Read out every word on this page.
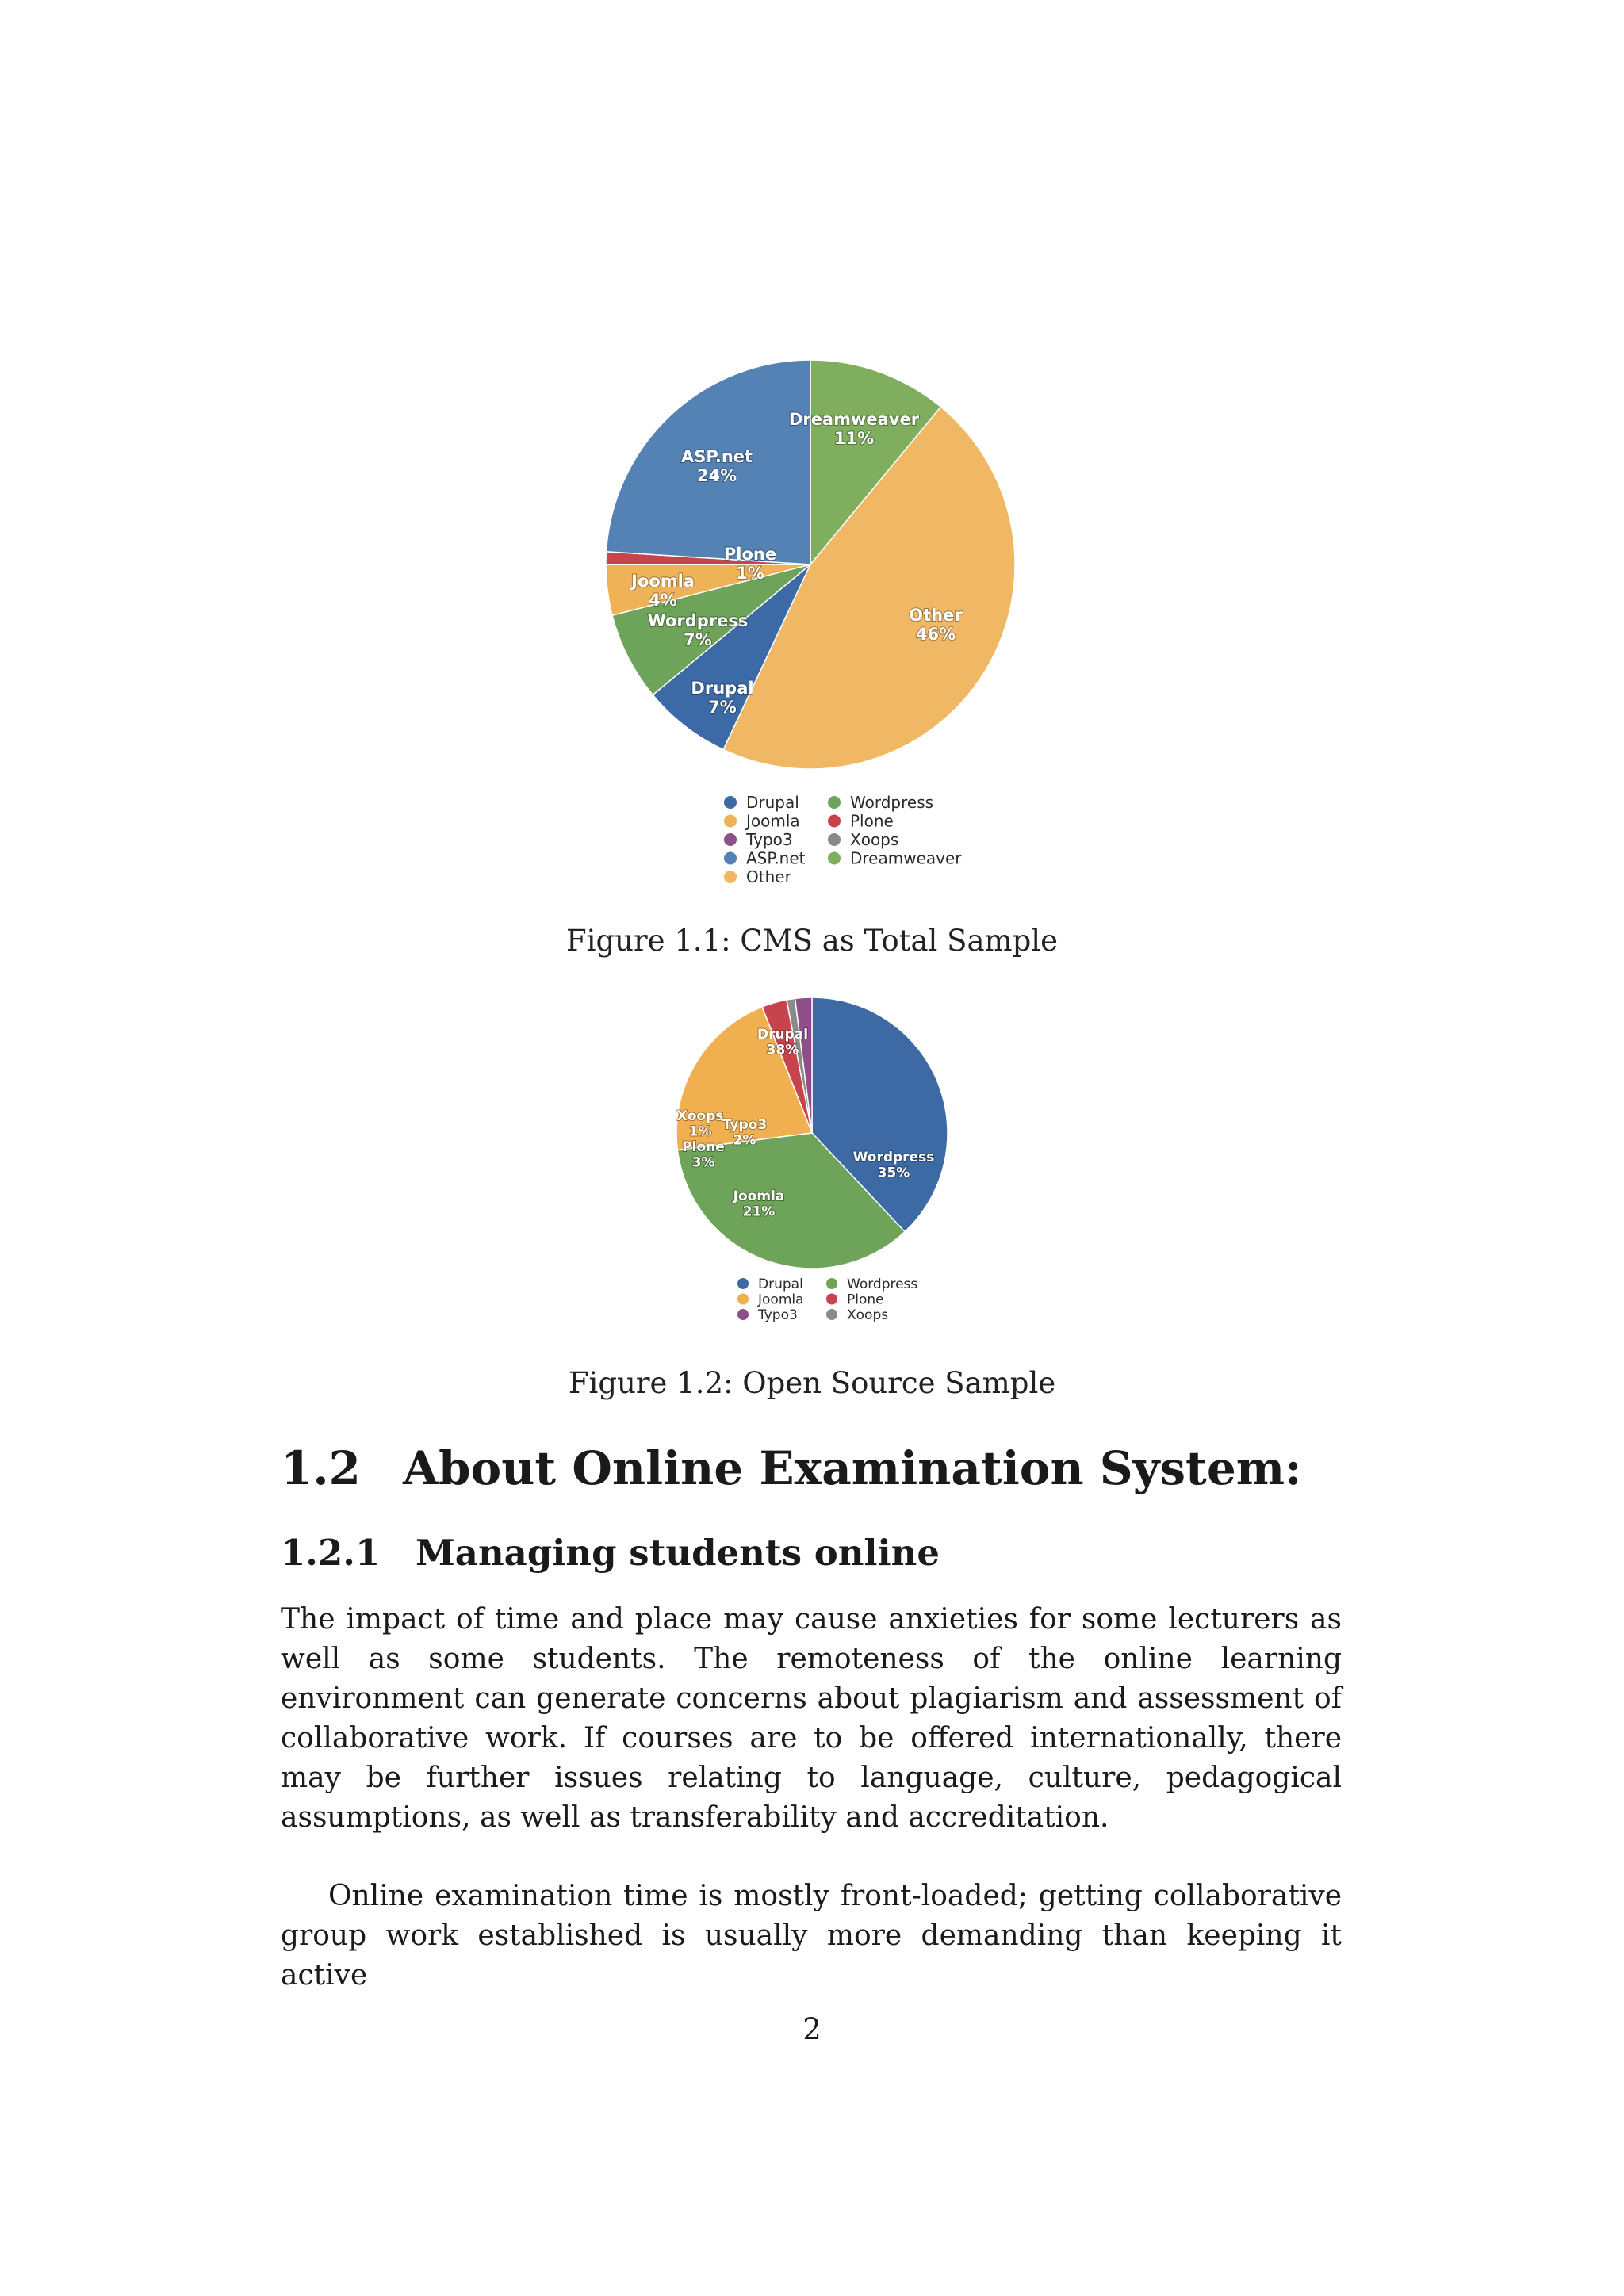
Dreamweaver 11%
Other 46%
Drupal 7%
Wordpress 7%
Joomla 4%
Plone 1%
ASP.net 24%
Drupal
Joomla
Typo3
ASP.net
Other
Wordpress
Plone
Xoops
Dreamweaver
Figure 1.1: CMS as Total Sample
Drupal 38%
Wordpress 35%
Joomla 21%
Plone 3%
Xoops 1% Typo3 2%
Drupal
Joomla
Typo3
Wordpress
Plone
Xoops
Figure 1.2: Open Source Sample
1.2 About Online Examination System:
1.2.1 Managing students online

The impact of time and place may cause anxieties for some lecturers as well as some students. The remoteness of the online learning environment can generate concerns about plagiarism and assessment of collaborative work. If courses are to be offered internationally, there may be further issues relating to language, culture, pedagogical assumptions, as well as transferability and accreditation.

Online examination time is mostly front-loaded; getting collaborative group work established is usually more demanding than keeping it active

2
